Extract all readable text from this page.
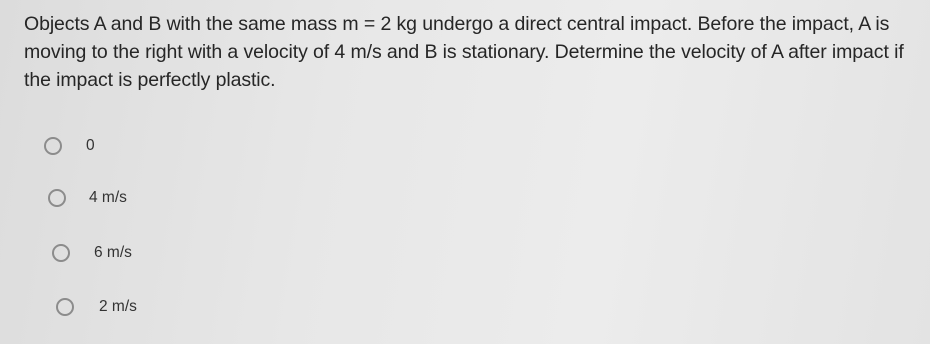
Objects A and B with the same mass m = 2 kg undergo a direct central impact. Before the impact, A is moving to the right with a velocity of 4 m/s and B is stationary. Determine the velocity of A after impact if the impact is perfectly plastic.
0
4 m/s
6 m/s
2 m/s
